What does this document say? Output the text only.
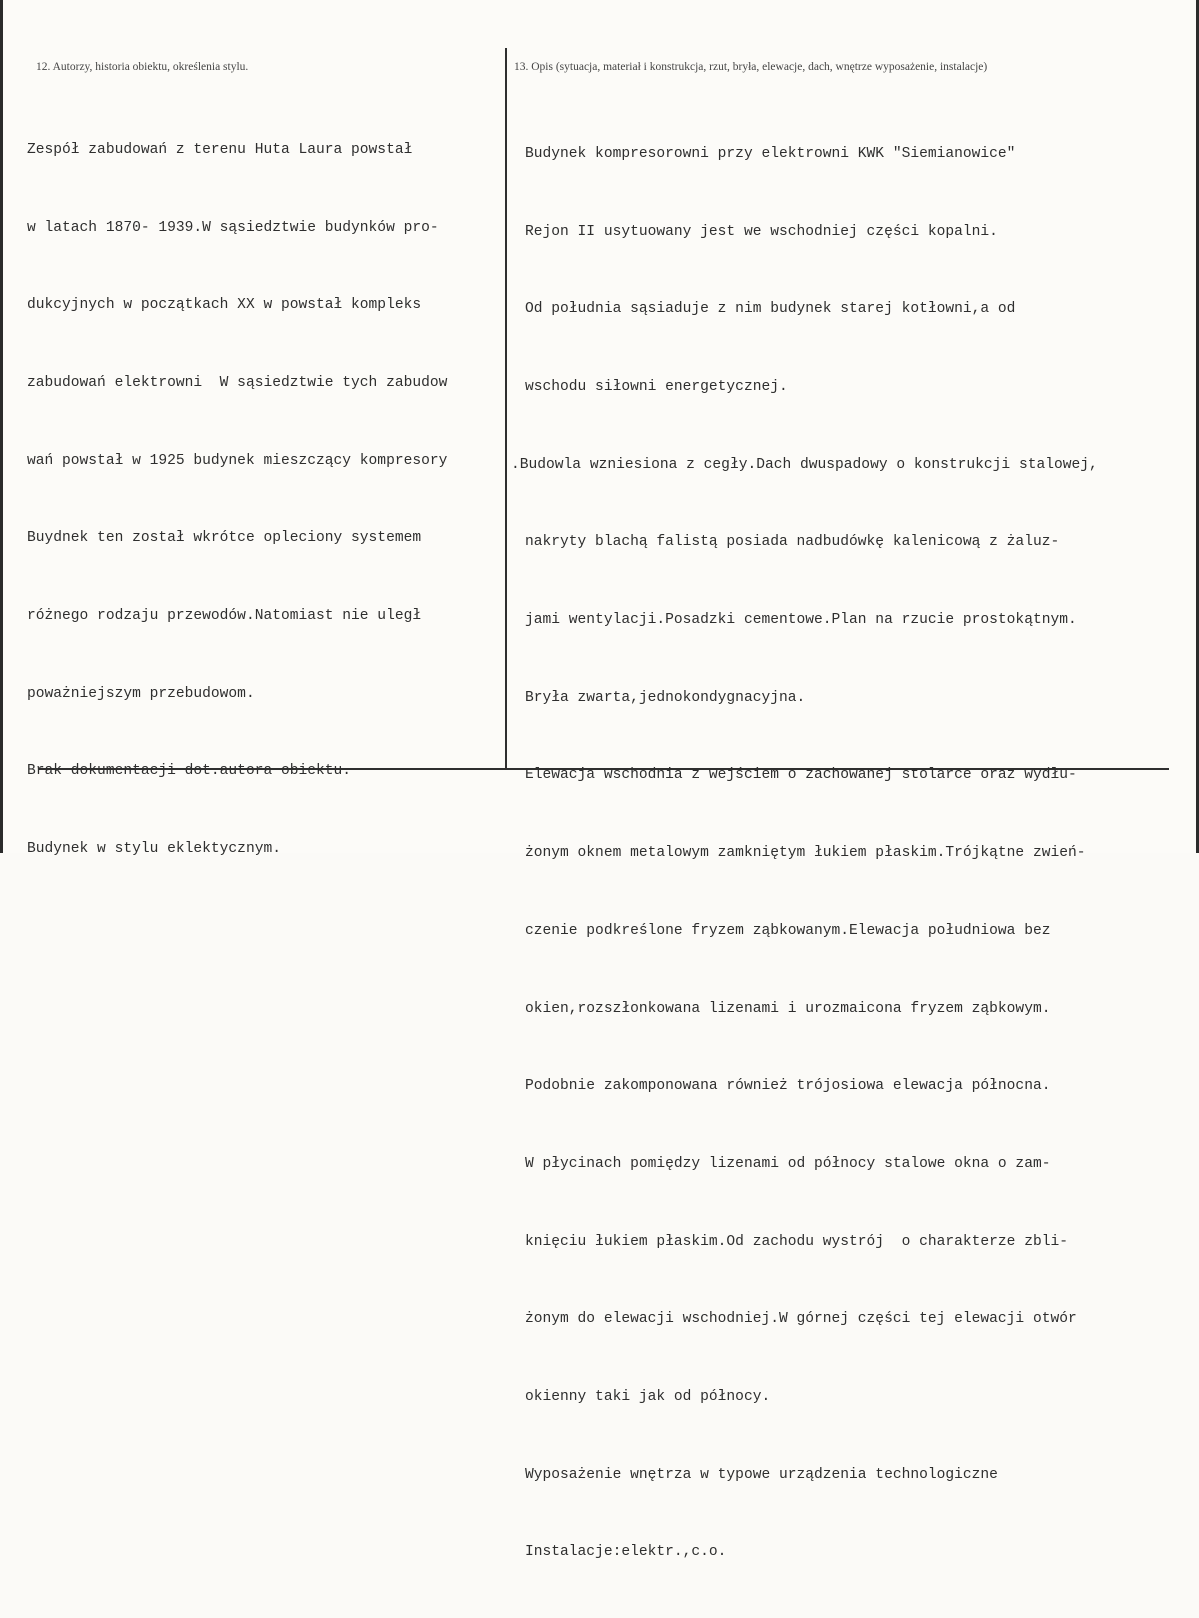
12. Autorzy, historia obiektu, określenia stylu.	13. Opis (sytuacja, materiał i konstrukcja, rzut, bryła, elewacje, dach, wnętrze wyposażenie, instalacje)

Zespół zabudowań z terenu Huta Laura powstał

w latach 1870- 1939.W sąsiedztwie budynków pro-

dukcyjnych w początkach XX w powstał kompleks

zabudowań elektrowni  W sąsiedztwie tych zabudow

wań powstał w 1925 budynek mieszczący kompresory

Buydnek ten został wkrótce opleciony systemem

różnego rodzaju przewodów.Natomiast nie uległ

poważniejszym przebudowom.

Brak dokumentacji dot.autora obiektu.

Budynek w stylu eklektycznym.

Budynek kompresorowni przy elektrowni KWK "Siemianowice"

Rejon II usytuowany jest we wschodniej części kopalni.

Od południa sąsiaduje z nim budynek starej kotłowni,a od

wschodu siłowni energetycznej.

.Budowla wzniesiona z cegły.Dach dwuspadowy o konstrukcji stalowej,

nakryty blachą falistą posiada nadbudówkę kalenicową z żaluz-

jami wentylacji.Posadzki cementowe.Plan na rzucie prostokątnym.

Bryła zwarta,jednokondygnacyjna.

Elewacja wschodnia z wejściem o zachowanej stolarce oraz wydłu-

żonym oknem metalowym zamkniętym łukiem płaskim.Trójkątne zwień-

czenie podkreślone fryzem ząbkowanym.Elewacja południowa bez

okien,rozszłonkowana lizenami i urozmaicona fryzem ząbkowym.

Podobnie zakomponowana również trójosiowa elewacja północna.

W płycinach pomiędzy lizenami od północy stalowe okna o zam-

knięciu łukiem płaskim.Od zachodu wystrój  o charakterze zbli-

żonym do elewacji wschodniej.W górnej części tej elewacji otwór

okienny taki jak od północy.

Wyposażenie wnętrza w typowe urządzenia technologiczne

Instalacje:elektr.,c.o.
